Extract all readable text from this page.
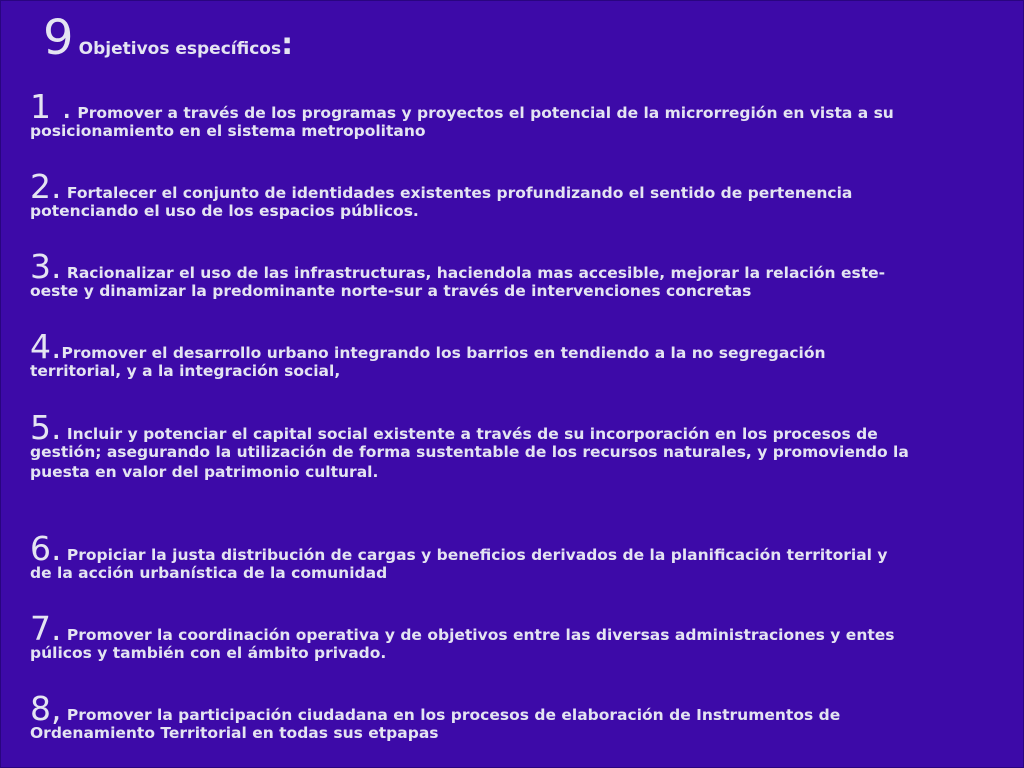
9 Objetivos específicos:
1 . Promover a través de los programas y proyectos el potencial de la microrregión en vista a su
posicionamiento en el sistema metropolitano
2. Fortalecer el conjunto de identidades existentes profundizando el sentido de pertenencia
potenciando el uso de los espacios públicos.
3. Racionalizar el uso de las infrastructuras, haciendola mas accesible, mejorar la relación este-
oeste y dinamizar la predominante norte-sur a través de intervenciones concretas
4.Promover el desarrollo urbano integrando los barrios en tendiendo a la no segregación
territorial, y a la integración social,
5. Incluir y potenciar el capital social existente a través de su incorporación en los procesos de
gestión; asegurando la utilización de forma sustentable de los recursos naturales, y promoviendo la
puesta en valor del patrimonio cultural.
6. Propiciar la justa distribución de cargas y beneficios derivados de la planificación territorial y
de la acción urbanística de la comunidad
7. Promover la coordinación operativa y de objetivos entre las diversas administraciones y entes
púlicos y también con el ámbito privado.
8, Promover la participación ciudadana en los procesos de elaboración de Instrumentos de
Ordenamiento Territorial en todas sus etpapas
